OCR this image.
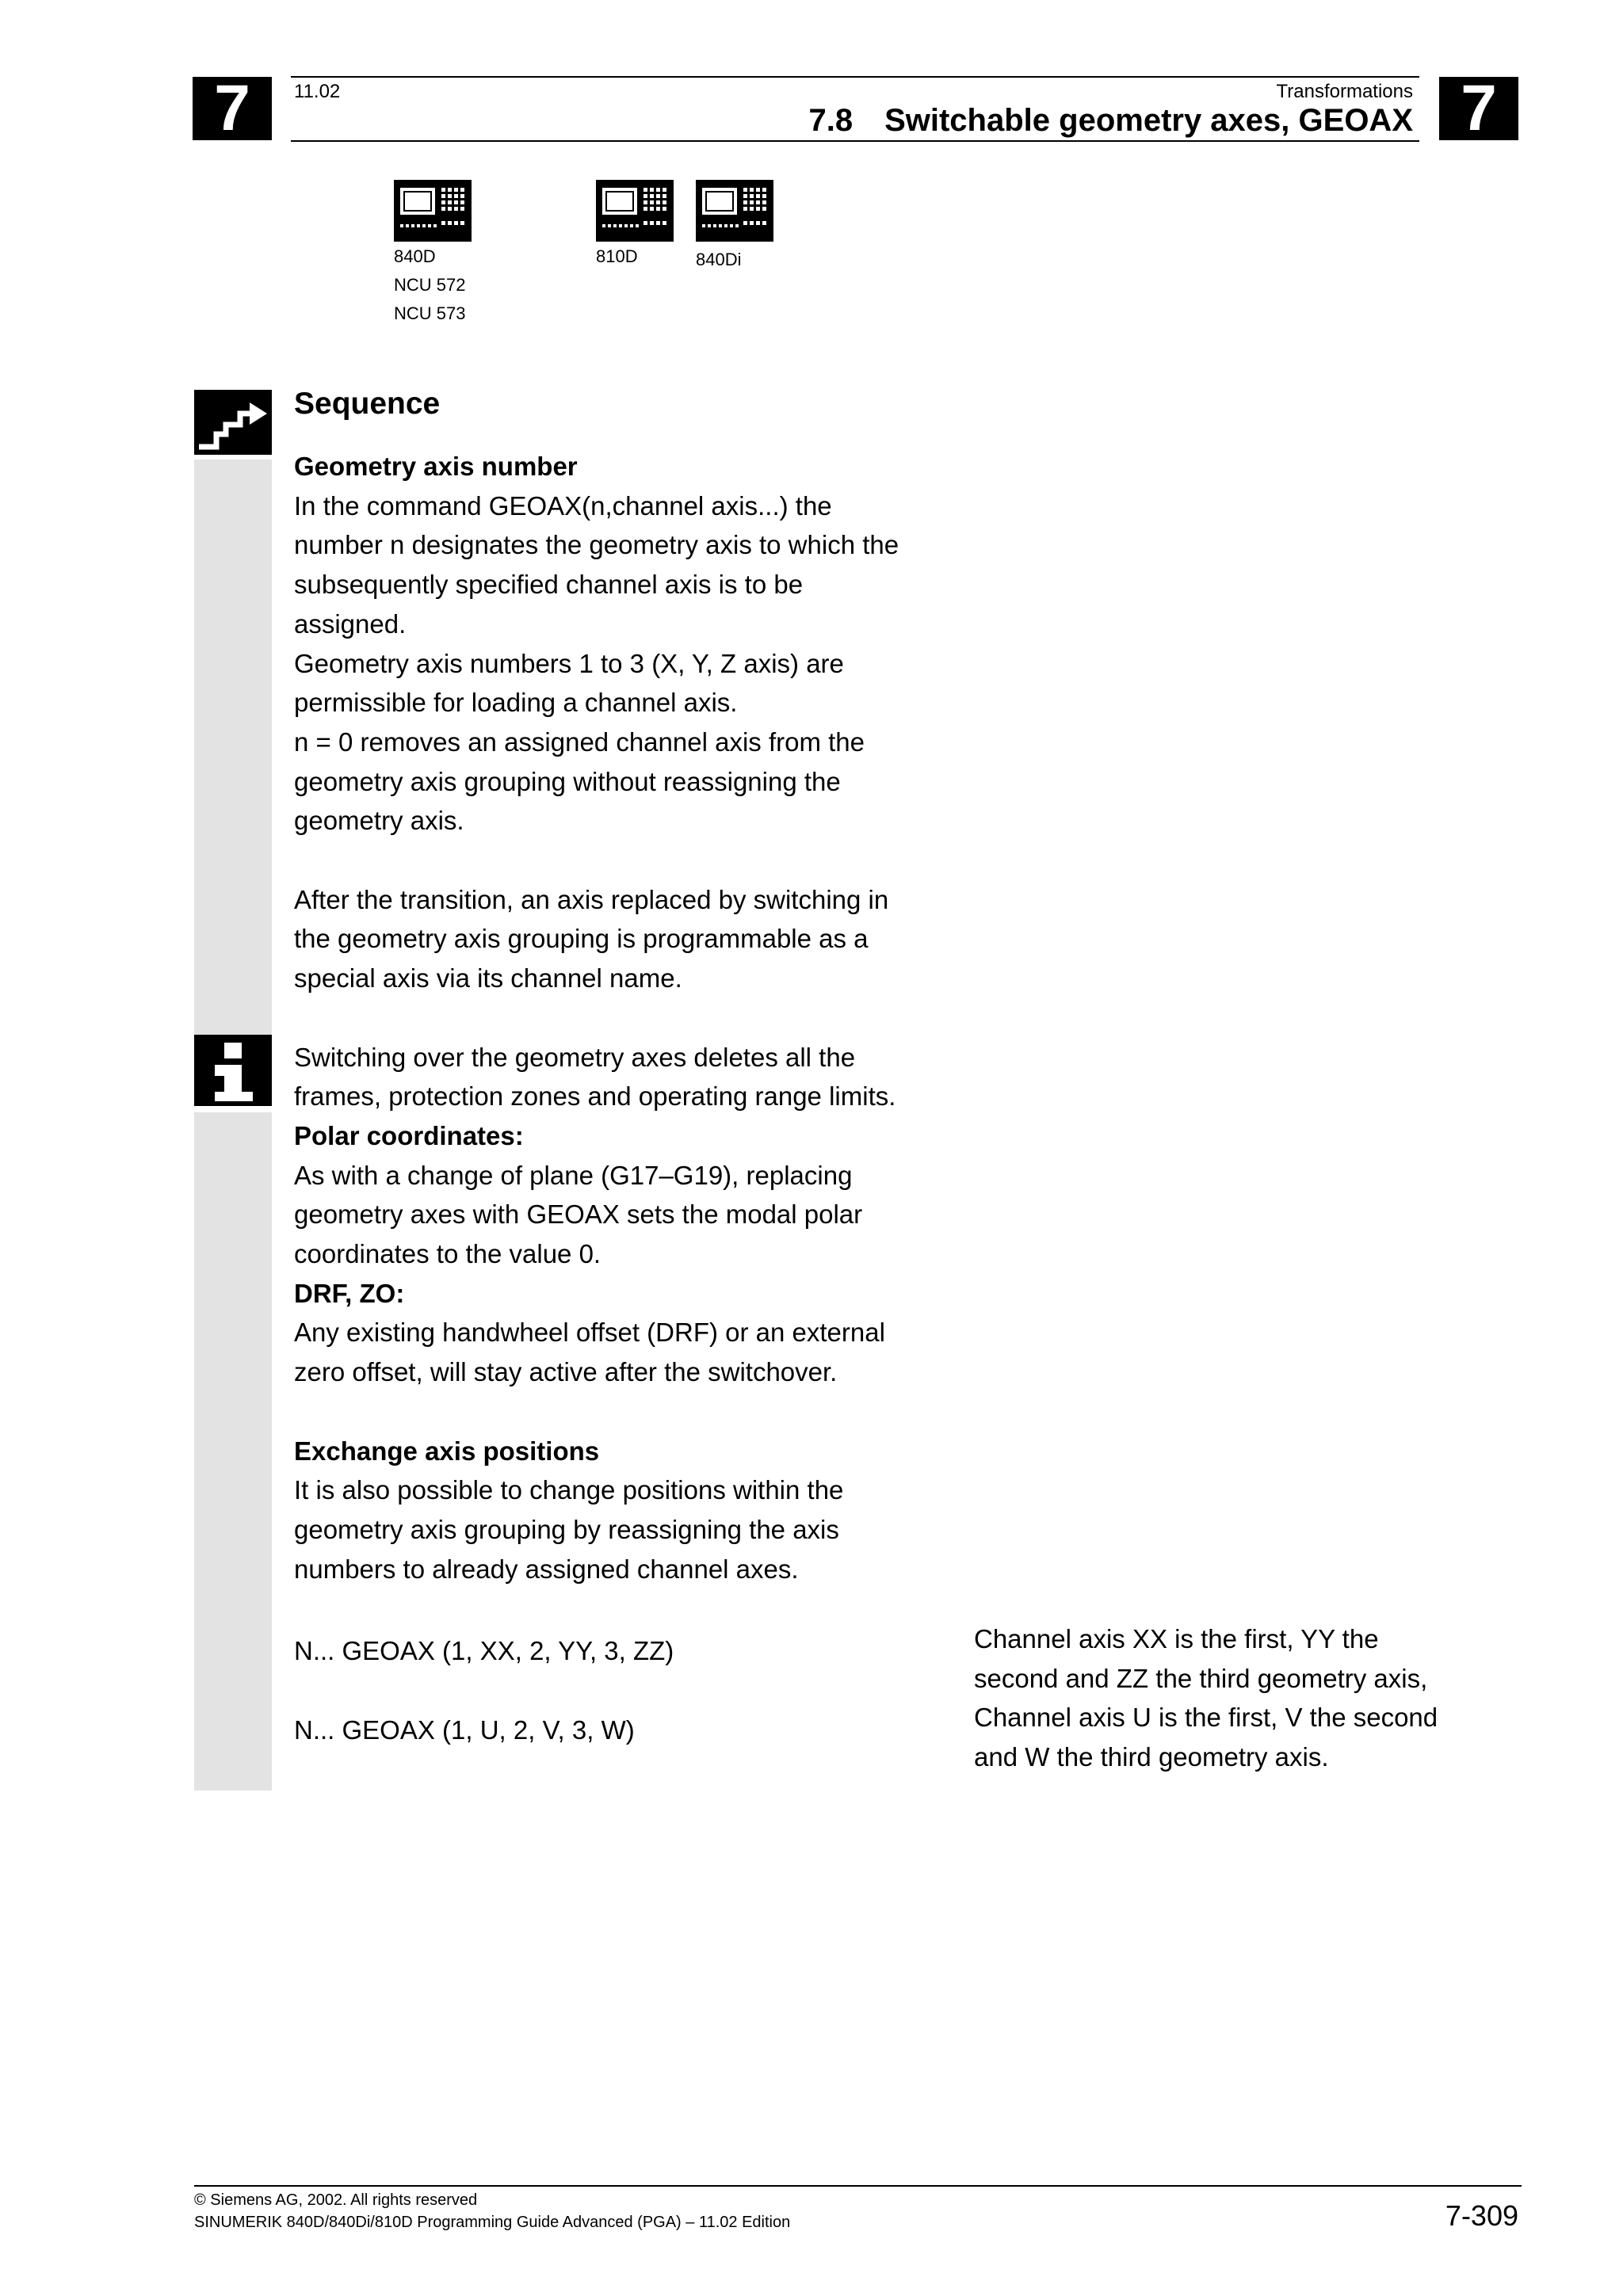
7	7
11.02	Transformations
7.8 Switchable geometry axes, GEOAX
840D
NCU 572
NCU 573
810D	840Di
Sequence

Geometry axis number

In the command GEOAX(n,channel axis...) the

number n designates the geometry axis to which the

subsequently specified channel axis is to be

assigned.

Geometry axis numbers 1 to 3 (X, Y, Z axis) are

permissible for loading a channel axis.

n = 0 removes an assigned channel axis from the

geometry axis grouping without reassigning the

geometry axis.

After the transition, an axis replaced by switching in

the geometry axis grouping is programmable as a

special axis via its channel name.

Switching over the geometry axes deletes all the

frames, protection zones and operating range limits.

Polar coordinates:

As with a change of plane (G17–G19), replacing

geometry axes with GEOAX sets the modal polar

coordinates to the value 0.

DRF, ZO:

Any existing handwheel offset (DRF) or an external

zero offset, will stay active after the switchover.

Exchange axis positions

It is also possible to change positions within the

geometry axis grouping by reassigning the axis

numbers to already assigned channel axes.

N... GEOAX (1, XX, 2, YY, 3, ZZ)
N... GEOAX (1, U, 2, V, 3, W)
Channel axis XX is the first, YY the
second and ZZ the third geometry axis,
Channel axis U is the first, V the second
and W the third geometry axis.
© Siemens AG, 2002. All rights reserved
SINUMERIK 840D/840Di/810D Programming Guide Advanced (PGA) – 11.02 Edition	7-309
